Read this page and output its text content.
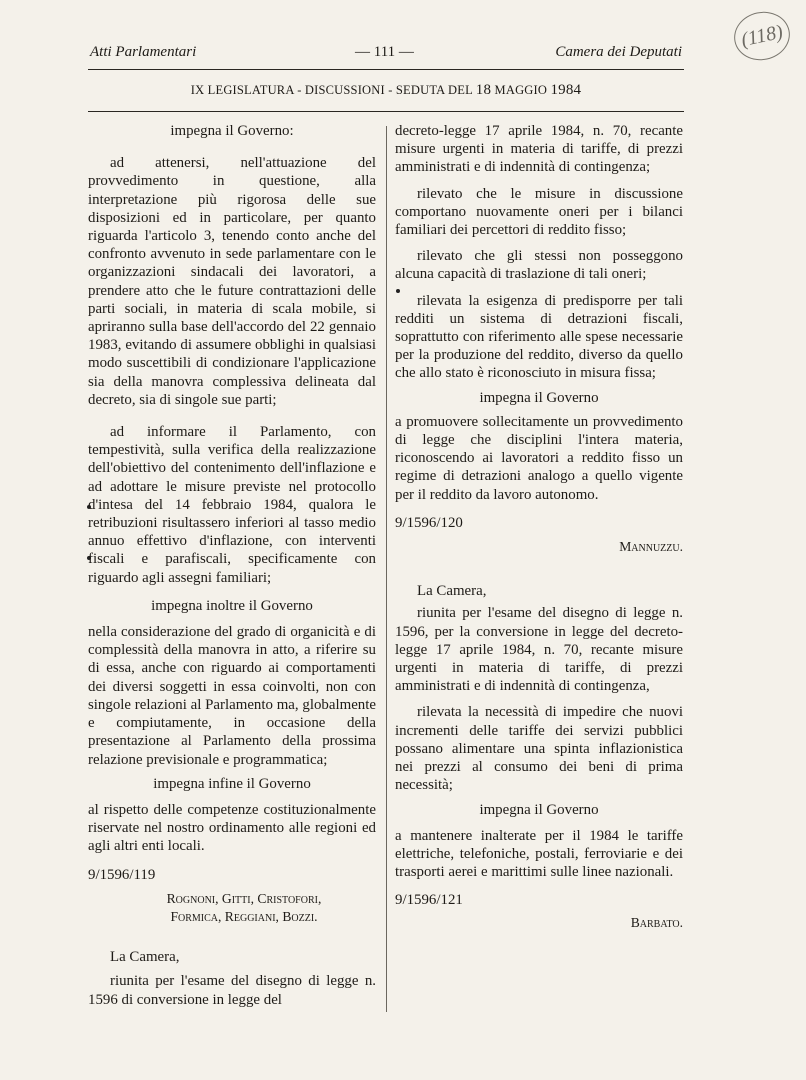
Atti Parlamentari	— 111 —	Camera dei Deputati
(118)
IX LEGISLATURA - DISCUSSIONI - SEDUTA DEL 18 MAGGIO 1984

impegna il Governo:

ad attenersi, nell'attuazione del provvedimento in questione, alla interpretazione più rigorosa delle sue disposizioni ed in particolare, per quanto riguarda l'articolo 3, tenendo conto anche del confronto avvenuto in sede parlamentare con le organizzazioni sindacali dei lavoratori, a prendere atto che le future contrattazioni delle parti sociali, in materia di scala mobile, si apriranno sulla base dell'accordo del 22 gennaio 1983, evitando di assumere obblighi in qualsiasi modo suscettibili di condizionare l'applicazione sia della manovra complessiva delineata dal decreto, sia di singole sue parti;

ad informare il Parlamento, con tempestività, sulla verifica della realizzazione dell'obiettivo del contenimento dell'inflazione e ad adottare le misure previste nel protocollo d'intesa del 14 febbraio 1984, qualora le retribuzioni risultassero inferiori al tasso medio annuo effettivo d'inflazione, con interventi fiscali e parafiscali, specificamente con riguardo agli assegni familiari;

impegna inoltre il Governo

nella considerazione del grado di organicità e di complessità della manovra in atto, a riferire su di essa, anche con riguardo ai comportamenti dei diversi soggetti in essa coinvolti, non con singole relazioni al Parlamento ma, globalmente e compiutamente, in occasione della presentazione al Parlamento della prossima relazione previsionale e programmatica;

impegna infine il Governo

al rispetto delle competenze costituzionalmente riservate nel nostro ordinamento alle regioni ed agli altri enti locali.

9/1596/119

Rognoni, Gitti, Cristofori,

Formica, Reggiani, Bozzi.

La Camera,

riunita per l'esame del disegno di legge n. 1596 di conversione in legge del

decreto-legge 17 aprile 1984, n. 70, recante misure urgenti in materia di tariffe, di prezzi amministrati e di indennità di contingenza;

rilevato che le misure in discussione comportano nuovamente oneri per i bilanci familiari dei percettori di reddito fisso;

rilevato che gli stessi non posseggono alcuna capacità di traslazione di tali oneri;

rilevata la esigenza di predisporre per tali redditi un sistema di detrazioni fiscali, soprattutto con riferimento alle spese necessarie per la produzione del reddito, diverso da quello che allo stato è riconosciuto in misura fissa;

impegna il Governo

a promuovere sollecitamente un provvedimento di legge che disciplini l'intera materia, riconoscendo ai lavoratori a reddito fisso un regime di detrazioni analogo a quello vigente per il reddito da lavoro autonomo.

9/1596/120

Mannuzzu.

La Camera,

riunita per l'esame del disegno di legge n. 1596, per la conversione in legge del decreto-legge 17 aprile 1984, n. 70, recante misure urgenti in materia di tariffe, di prezzi amministrati e di indennità di contingenza,

rilevata la necessità di impedire che nuovi incrementi delle tariffe dei servizi pubblici possano alimentare una spinta inflazionistica nei prezzi al consumo dei beni di prima necessità;

impegna il Governo

a mantenere inalterate per il 1984 le tariffe elettriche, telefoniche, postali, ferroviarie e dei trasporti aerei e marittimi sulle linee nazionali.

9/1596/121

Barbato.
